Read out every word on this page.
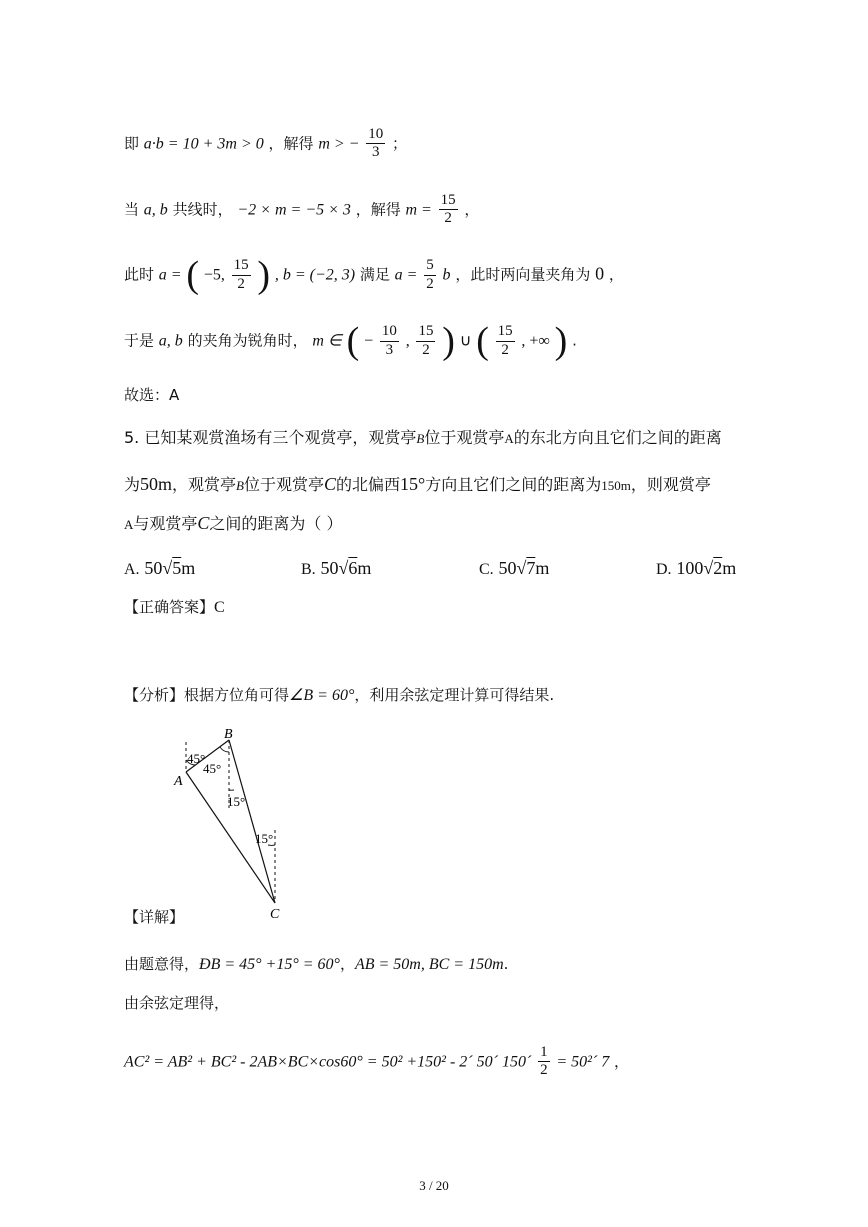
即 a·b = 10 + 3m > 0 ，解得 m > − $\frac{10}{3}$ ；
当 a, b 共线时， −2 × m = −5 × 3 ，解得 $m = \frac{15}{2}$ ，
此时 a = ( −5, $\frac{15}{2}$ ) , b = (−2, 3) 满足 $a = \frac{5}{2}$ b ，此时两向量夹角为 0 ，
于是 a, b 的夹角为锐角时， m ∈ ( − $\frac{10}{3}$ , $\frac{15}{2}$ ) ∪ ( $\frac{15}{2}$ , +∞ ) .
故选：A
5. 已知某观赏渔场有三个观赏亭，观赏亭B位于观赏亭A的东北方向且它们之间的距离
为50m，观赏亭B位于观赏亭C的北偏西15°方向且它们之间的距离为150m，则观赏亭
A与观赏亭C之间的距离为（ ）
A. 50√5m	B. 50√6m	C. 50√7m	D. 100√2m
【正确答案】C
【分析】根据方位角可得∠B = 60°，利用余弦定理计算可得结果.
A
B
C
45°
45°
15°
15°
【详解】
由题意得，ÐB = 45° +15° = 60°，AB = 50m, BC = 150m.
由余弦定理得，
AC² = AB² + BC² - 2AB×BC×cos60° = 50² +150² - 2´ 50´ 150´ $\frac{1}{2}$ = 50²´ 7 ，
3 / 20
